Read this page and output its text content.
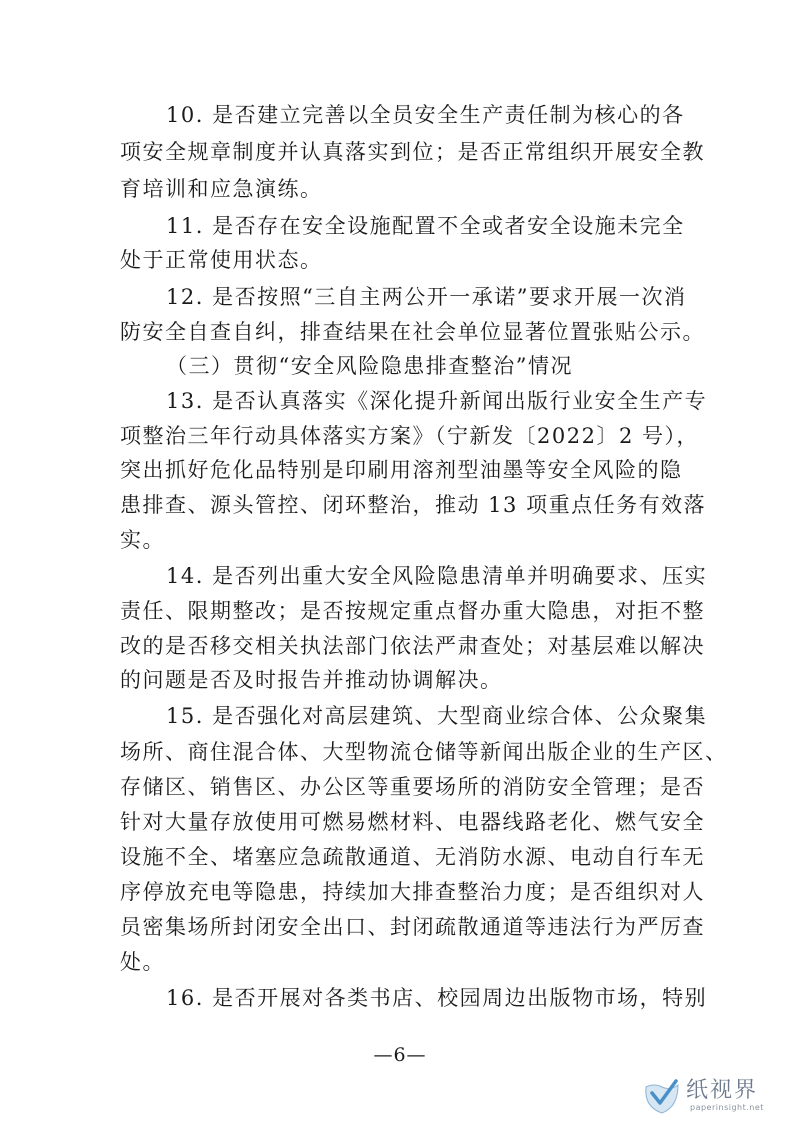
10. 是否建立完善以全员安全生产责任制为核心的各
项安全规章制度并认真落实到位；是否正常组织开展安全教
育培训和应急演练。
11. 是否存在安全设施配置不全或者安全设施未完全
处于正常使用状态。
12. 是否按照“三自主两公开一承诺”要求开展一次消
防安全自查自纠，排查结果在社会单位显著位置张贴公示。
（三）贯彻“安全风险隐患排查整治”情况
13. 是否认真落实《深化提升新闻出版行业安全生产专
项整治三年行动具体落实方案》（宁新发〔2022〕2 号），
突出抓好危化品特别是印刷用溶剂型油墨等安全风险的隐
患排查、源头管控、闭环整治，推动 13 项重点任务有效落
实。
14. 是否列出重大安全风险隐患清单并明确要求、压实
责任、限期整改；是否按规定重点督办重大隐患，对拒不整
改的是否移交相关执法部门依法严肃查处；对基层难以解决
的问题是否及时报告并推动协调解决。
15. 是否强化对高层建筑、大型商业综合体、公众聚集
场所、商住混合体、大型物流仓储等新闻出版企业的生产区、
存储区、销售区、办公区等重要场所的消防安全管理；是否
针对大量存放使用可燃易燃材料、电器线路老化、燃气安全
设施不全、堵塞应急疏散通道、无消防水源、电动自行车无
序停放充电等隐患，持续加大排查整治力度；是否组织对人
员密集场所封闭安全出口、封闭疏散通道等违法行为严厉查
处。
16. 是否开展对各类书店、校园周边出版物市场，特别
—6—
纸视界
paperinsight.net
